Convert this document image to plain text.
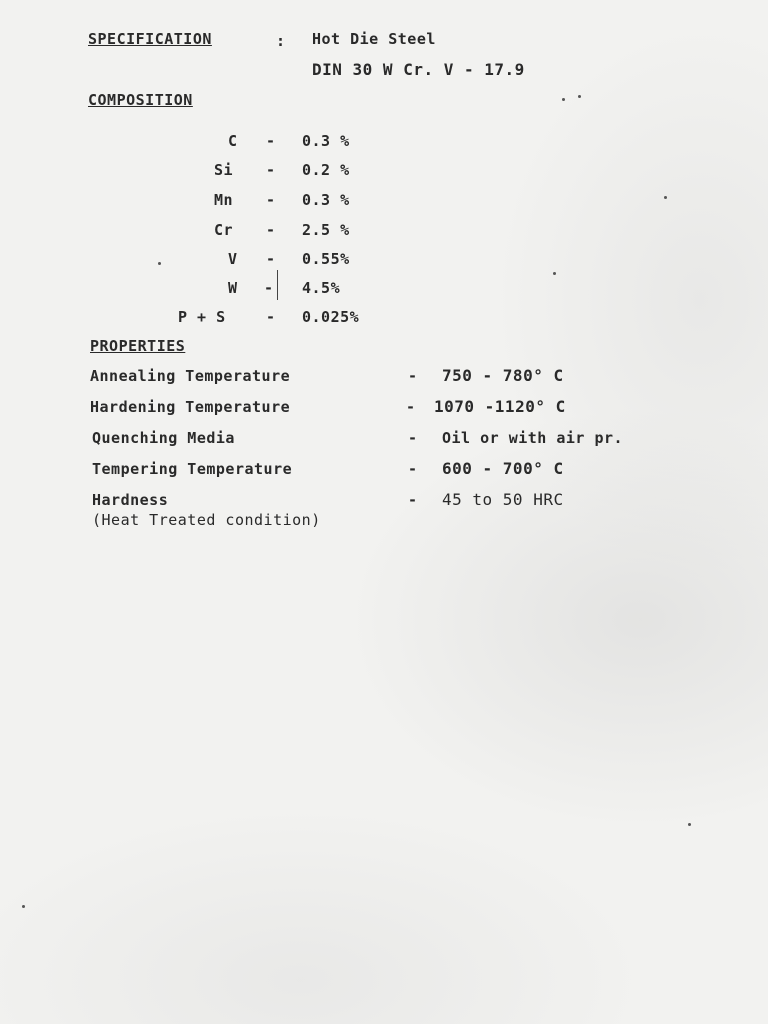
SPECIFICATION	: Hot Die Steel
DIN 30 W Cr. V - 17.9
COMPOSITION
C - 0.3 %
Si - 0.2 %
Mn - 0.3 %
Cr - 2.5 %
V - 0.55%
W - 4.5%
P + S	- 0.025%
PROPERTIES
Annealing Temperature	- 750 - 780° C
Hardening Temperature	- 1070 -1120° C
Quenching Media	- Oil or with air pr.
Tempering Temperature	- 600 - 700° C
Hardness	- 45 to 50 HRC
(Heat Treated condition)
